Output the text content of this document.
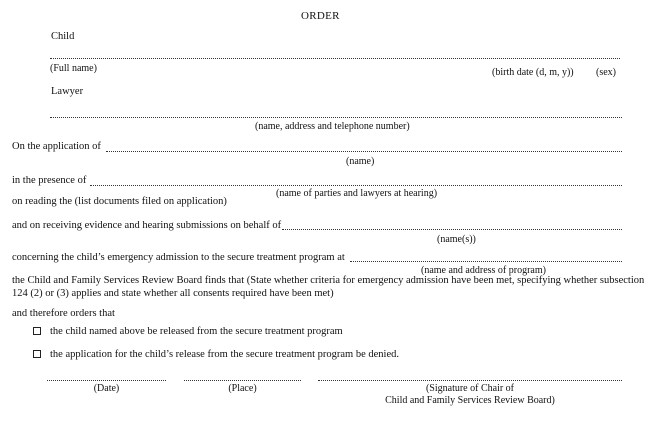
ORDER
Child
(Full name)	(birth date (d, m, y)) (sex)
Lawyer
(name, address and telephone number)
On the application of
(name)
in the presence of
(name of parties and lawyers at hearing)
on reading the (list documents filed on application)
and on receiving evidence and hearing submissions on behalf of
(name(s))
concerning the child’s emergency admission to the secure treatment program at
(name and address of program)
the Child and Family Services Review Board finds that (State whether criteria for emergency admission have been met, specifying whether subsection
124 (2) or (3) applies and state whether all consents required have been met)
and therefore orders that
the child named above be released from the secure treatment program
the application for the child’s release from the secure treatment program be denied.
(Date)	(Place)	(Signature of Chair of
Child and Family Services Review Board)
